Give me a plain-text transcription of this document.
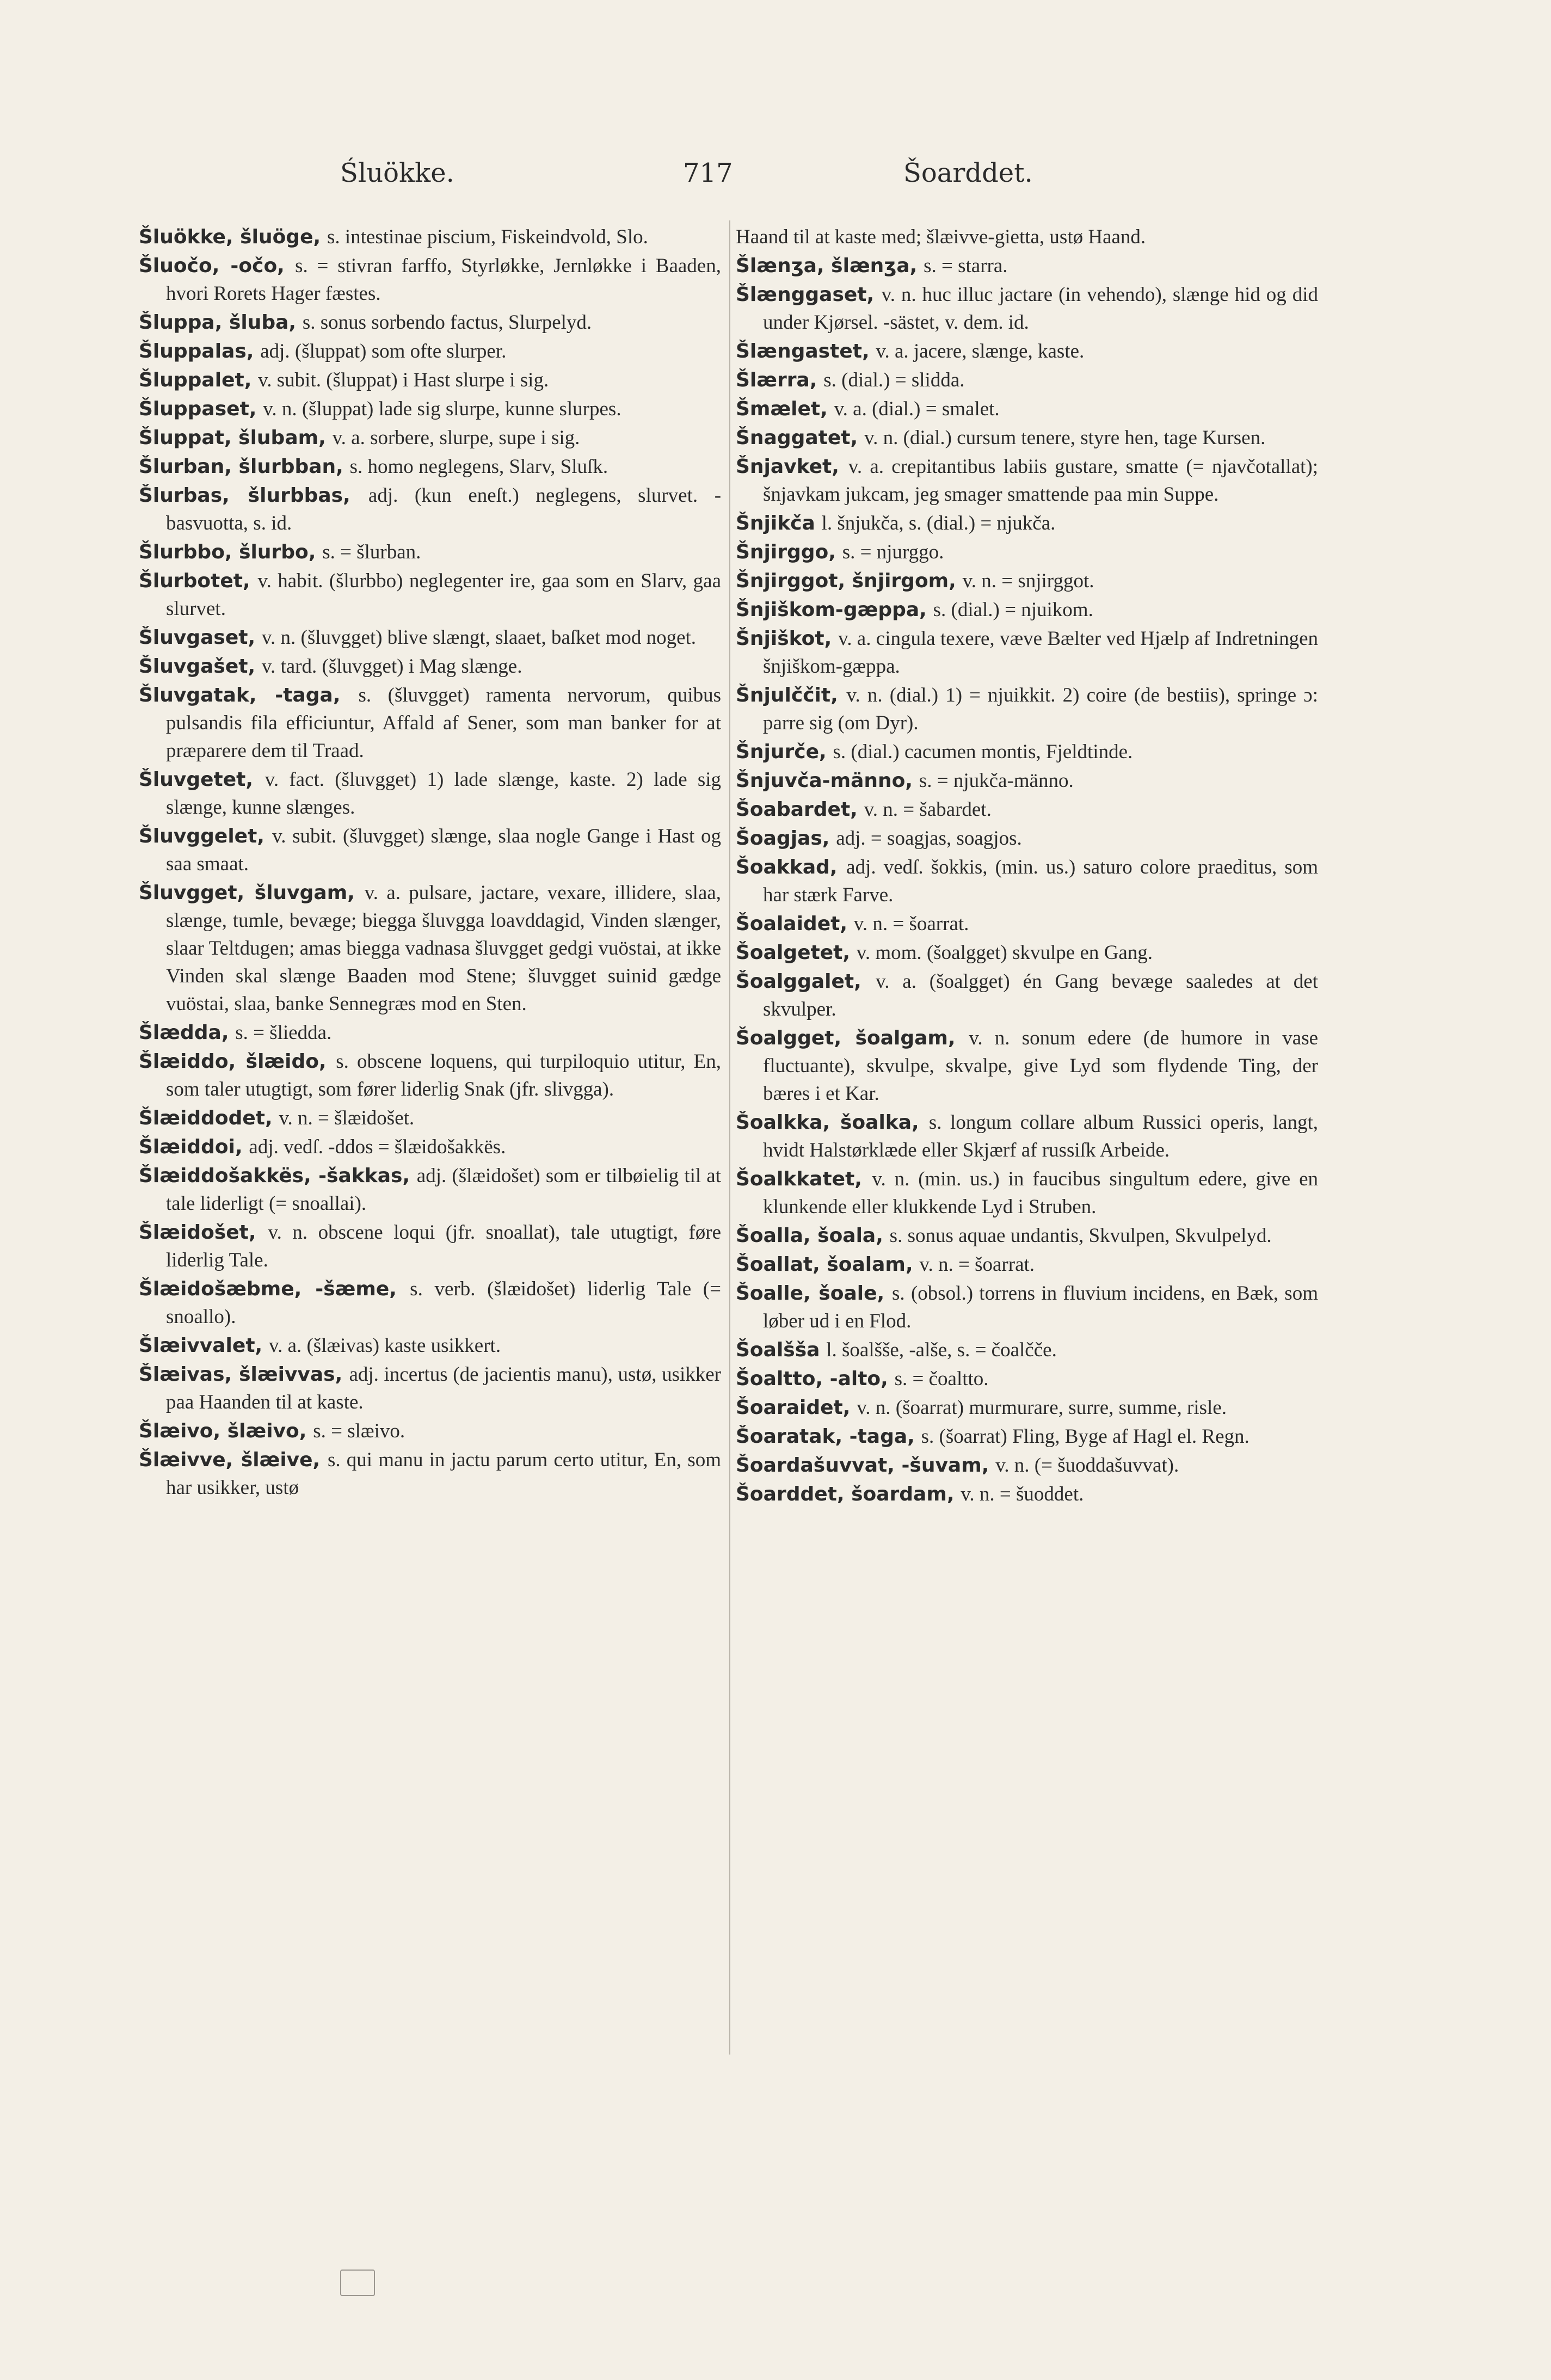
Śluökke.	717	Šoarddet.
Šluökke, šluöge, s. intestinae piscium, Fiskeindvold, Slo.
Šluočo, -očo, s. = stivran farffo, Styrløkke, Jernløkke i Baaden, hvori Rorets Hager fæstes.
Šluppa, šluba, s. sonus sorbendo factus, Slurpelyd.
Šluppalas, adj. (šluppat) som ofte slurper.
Šluppalet, v. subit. (šluppat) i Hast slurpe i sig.
Šluppaset, v. n. (šluppat) lade sig slurpe, kunne slurpes.
Šluppat, šlubam, v. a. sorbere, slurpe, supe i sig.
Šlurban, šlurbban, s. homo neglegens, Slarv, Sluſk.
Šlurbas, šlurbbas, adj. (kun eneſt.) neglegens, slurvet. -basvuotta, s. id.
Šlurbbo, šlurbo, s. = šlurban.
Šlurbotet, v. habit. (šlurbbo) neglegenter ire, gaa som en Slarv, gaa slurvet.
Šluvgaset, v. n. (šluvgget) blive slængt, slaaet, baſket mod noget.
Šluvgašet, v. tard. (šluvgget) i Mag slænge.
Šluvgatak, -taga, s. (šluvgget) ramenta nervorum, quibus pulsandis fila efficiuntur, Affald af Sener, som man banker for at præparere dem til Traad.
Šluvgetet, v. fact. (šluvgget) 1) lade slænge, kaste. 2) lade sig slænge, kunne slænges.
Šluvggelet, v. subit. (šluvgget) slænge, slaa nogle Gange i Hast og saa smaat.
Šluvgget, šluvgam, v. a. pulsare, jactare, vexare, illidere, slaa, slænge, tumle, bevæge; biegga šluvgga loavddagid, Vinden slænger, slaar Teltdugen; amas biegga vadnasa šluvgget gedgi vuöstai, at ikke Vinden skal slænge Baaden mod Stene; šluvgget suinid gædge vuöstai, slaa, banke Sennegræs mod en Sten.
Šlædda, s. = šliedda.
Šlæiddo, šlæido, s. obscene loquens, qui turpiloquio utitur, En, som taler utugtigt, som fører liderlig Snak (jfr. slivgga).
Šlæiddodet, v. n. = šlæidošet.
Šlæiddoi, adj. vedſ. -ddos = šlæidošakkës.
Šlæiddošakkës, -šakkas, adj. (šlæidošet) som er tilbøielig til at tale liderligt (= snoallai).
Šlæidošet, v. n. obscene loqui (jfr. snoallat), tale utugtigt, føre liderlig Tale.
Šlæidošæbme, -šæme, s. verb. (šlæidošet) liderlig Tale (= snoallo).
Šlæivvalet, v. a. (šlæivas) kaste usikkert.
Šlæivas, šlæivvas, adj. incertus (de jacientis manu), ustø, usikker paa Haanden til at kaste.
Šlæivo, šlæivo, s. = slæivo.
Šlæivve, šlæive, s. qui manu in jactu parum certo utitur, En, som har usikker, ustø
Haand til at kaste med; šlæivve-gietta, ustø Haand.
Šlænʒa, šlænʒa, s. = starra.
Šlænggaset, v. n. huc illuc jactare (in vehendo), slænge hid og did under Kjørsel. -sästet, v. dem. id.
Šlængastet, v. a. jacere, slænge, kaste.
Šlærra, s. (dial.) = slidda.
Šmælet, v. a. (dial.) = smalet.
Šnaggatet, v. n. (dial.) cursum tenere, styre hen, tage Kursen.
Šnjavket, v. a. crepitantibus labiis gustare, smatte (= njavčotallat); šnjavkam jukcam, jeg smager smattende paa min Suppe.
Šnjikča l. šnjukča, s. (dial.) = njukča.
Šnjirggo, s. = njurggo.
Šnjirggot, šnjirgom, v. n. = snjirggot.
Šnjiškom-gæppa, s. (dial.) = njuikom.
Šnjiškot, v. a. cingula texere, væve Bælter ved Hjælp af Indretningen šnjiškom-gæppa.
Šnjulččit, v. n. (dial.) 1) = njuikkit. 2) coire (de bestiis), springe ɔ: parre sig (om Dyr).
Šnjurče, s. (dial.) cacumen montis, Fjeldtinde.
Šnjuvča-männo, s. = njukča-männo.
Šoabardet, v. n. = šabardet.
Šoagjas, adj. = soagjas, soagjos.
Šoakkad, adj. vedſ. šokkis, (min. us.) saturo colore praeditus, som har stærk Farve.
Šoalaidet, v. n. = šoarrat.
Šoalgetet, v. mom. (šoalgget) skvulpe en Gang.
Šoalggalet, v. a. (šoalgget) én Gang bevæge saaledes at det skvulper.
Šoalgget, šoalgam, v. n. sonum edere (de humore in vase fluctuante), skvulpe, skvalpe, give Lyd som flydende Ting, der bæres i et Kar.
Šoalkka, šoalka, s. longum collare album Russici operis, langt, hvidt Halstørklæde eller Skjærf af russiſk Arbeide.
Šoalkkatet, v. n. (min. us.) in faucibus singultum edere, give en klunkende eller klukkende Lyd i Struben.
Šoalla, šoala, s. sonus aquae undantis, Skvulpen, Skvulpelyd.
Šoallat, šoalam, v. n. = šoarrat.
Šoalle, šoale, s. (obsol.) torrens in fluvium incidens, en Bæk, som løber ud i en Flod.
Šoalšša l. šoalšše, -alše, s. = čoalčče.
Šoaltto, -alto, s. = čoaltto.
Šoaraidet, v. n. (šoarrat) murmurare, surre, summe, risle.
Šoaratak, -taga, s. (šoarrat) Fling, Byge af Hagl el. Regn.
Šoardašuvvat, -šuvam, v. n. (= šuoddašuvvat).
Šoarddet, šoardam, v. n. = šuoddet.
